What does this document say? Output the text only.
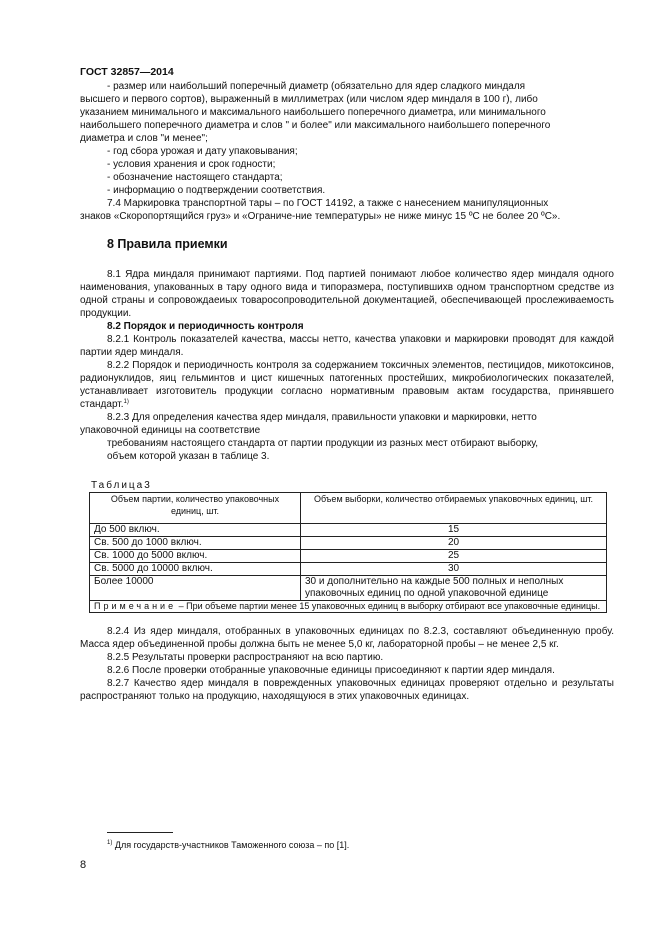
ГОСТ 32857—2014

- размер или наибольший поперечный диаметр (обязательно для ядер сладкого миндаля

высшего и первого сортов), выраженный в миллиметрах (или числом ядер миндаля в 100 г), либо

указанием минимального и максимального наибольшего поперечного диаметра, или минимального

наибольшего поперечного диаметра и слов " и более" или максимального наибольшего поперечного

диаметра и слов "и менее";

- год сбора урожая и дату упаковывания;

- условия хранения и срок годности;

- обозначение настоящего стандарта;

- информацию о подтверждении соответствия.

7.4 Маркировка транспортной тары – по ГОСТ 14192, а также с нанесением манипуляционных

знаков «Скоропортящийся груз» и «Ограниче-ние температуры» не ниже минус 15 ºС не более 20 ºС».

8 Правила приемки

8.1 Ядра миндаля принимают партиями. Под партией понимают любое количество ядер миндаля одного наименования, упакованных в тару одного вида и типоразмера, поступившихв одном транспортном средстве из одной страны и сопровождаеиых товаросопроводительной документацией, обеспечивающей прослеживаемость продукции.

8.2 Порядок и периодичность контроля

8.2.1 Контроль показателей качества, массы нетто, качества упаковки и маркировки проводят для каждой партии ядер миндаля.

8.2.2 Порядок и периодичность контроля за содержанием токсичных элементов, пестицидов, микотоксинов, радионуклидов, яиц гельминтов и цист кишечных патогенных простейших, микробиологических показателей, устанавливает изготовитель продукции согласно нормативным правовым актам государства, принявшего стандарт.$^{1)}$

8.2.3 Для определения качества ядер миндаля, правильности упаковки и маркировки, нетто

упаковочной единицы на соответствие

требованиям настоящего стандарта от партии продукции из разных мест отбирают выборку,

объем которой указан в таблице 3.

Таблица3
Объем партии, количество упаковочных единиц, шт.	Объем выборки, количество отбираемых упаковочных единиц, шт.
До 500 включ.	15
Св. 500 до 1000 включ.	20
Св. 1000 до 5000 включ.	25
Св. 5000 до 10000 включ.	30
Более 10000	30 и дополнительно на каждые 500 полных и неполных упаковочных единиц по одной упаковочной единице
Примечание – При объеме партии менее 15 упаковочных единиц в выборку отбирают все упаковочные единицы.	

8.2.4 Из ядер миндаля, отобранных в упаковочных единицах по 8.2.3, составляют объединенную пробу. Масса ядер объединенной пробы должна быть не менее 5,0 кг, лабораторной пробы – не менее 2,5 кг.

8.2.5 Результаты проверки распространяют на всю партию.

8.2.6 После проверки отобранные упаковочные единицы присоединяют к партии ядер миндаля.

8.2.7 Качество ядер миндаля в поврежденных упаковочных единицах проверяют отдельно и результаты распространяют только на продукцию, находящуюся в этих упаковочных единицах.

$^{1)}$ Для государств-участников Таможенного союза – по [1].
8
